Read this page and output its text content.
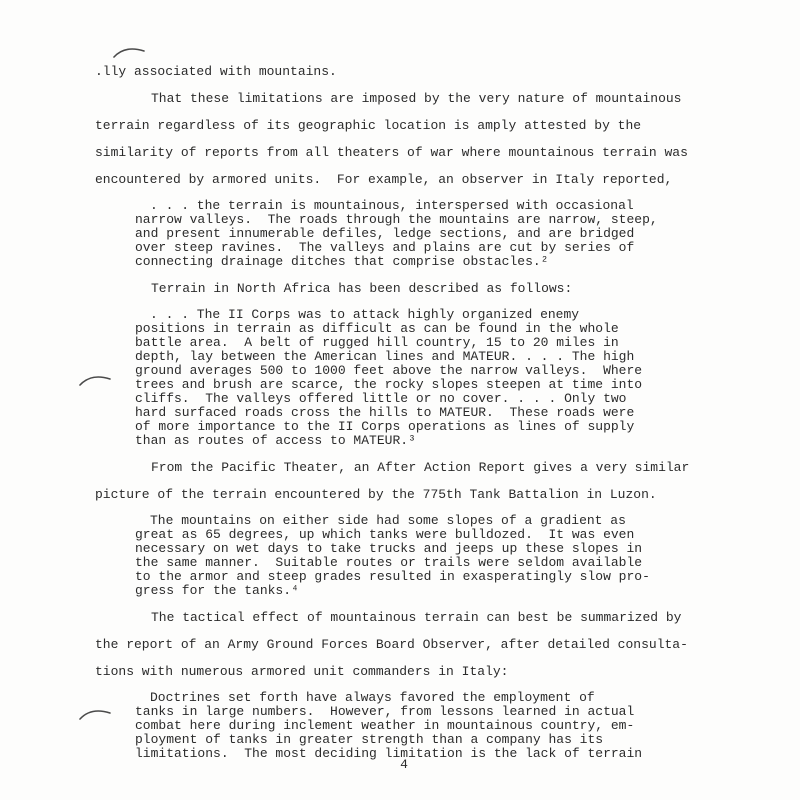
.lly associated with mountains.
That these limitations are imposed by the very nature of mountainous
terrain regardless of its geographic location is amply attested by the
similarity of reports from all theaters of war where mountainous terrain was
encountered by armored units.  For example, an observer in Italy reported,
. . . the terrain is mountainous, interspersed with occasional
narrow valleys.  The roads through the mountains are narrow, steep,
and present innumerable defiles, ledge sections, and are bridged
over steep ravines.  The valleys and plains are cut by series of
connecting drainage ditches that comprise obstacles.²
Terrain in North Africa has been described as follows:
. . . The II Corps was to attack highly organized enemy
positions in terrain as difficult as can be found in the whole
battle area.  A belt of rugged hill country, 15 to 20 miles in
depth, lay between the American lines and MATEUR. . . . The high
ground averages 500 to 1000 feet above the narrow valleys.  Where
trees and brush are scarce, the rocky slopes steepen at time into
cliffs.  The valleys offered little or no cover. . . . Only two
hard surfaced roads cross the hills to MATEUR.  These roads were
of more importance to the II Corps operations as lines of supply
than as routes of access to MATEUR.³
From the Pacific Theater, an After Action Report gives a very similar
picture of the terrain encountered by the 775th Tank Battalion in Luzon.
The mountains on either side had some slopes of a gradient as
great as 65 degrees, up which tanks were bulldozed.  It was even
necessary on wet days to take trucks and jeeps up these slopes in
the same manner.  Suitable routes or trails were seldom available
to the armor and steep grades resulted in exasperatingly slow pro-
gress for the tanks.⁴
The tactical effect of mountainous terrain can best be summarized by
the report of an Army Ground Forces Board Observer, after detailed consulta-
tions with numerous armored unit commanders in Italy:
Doctrines set forth have always favored the employment of
tanks in large numbers.  However, from lessons learned in actual
combat here during inclement weather in mountainous country, em-
ployment of tanks in greater strength than a company has its
limitations.  The most deciding limitation is the lack of terrain
4
